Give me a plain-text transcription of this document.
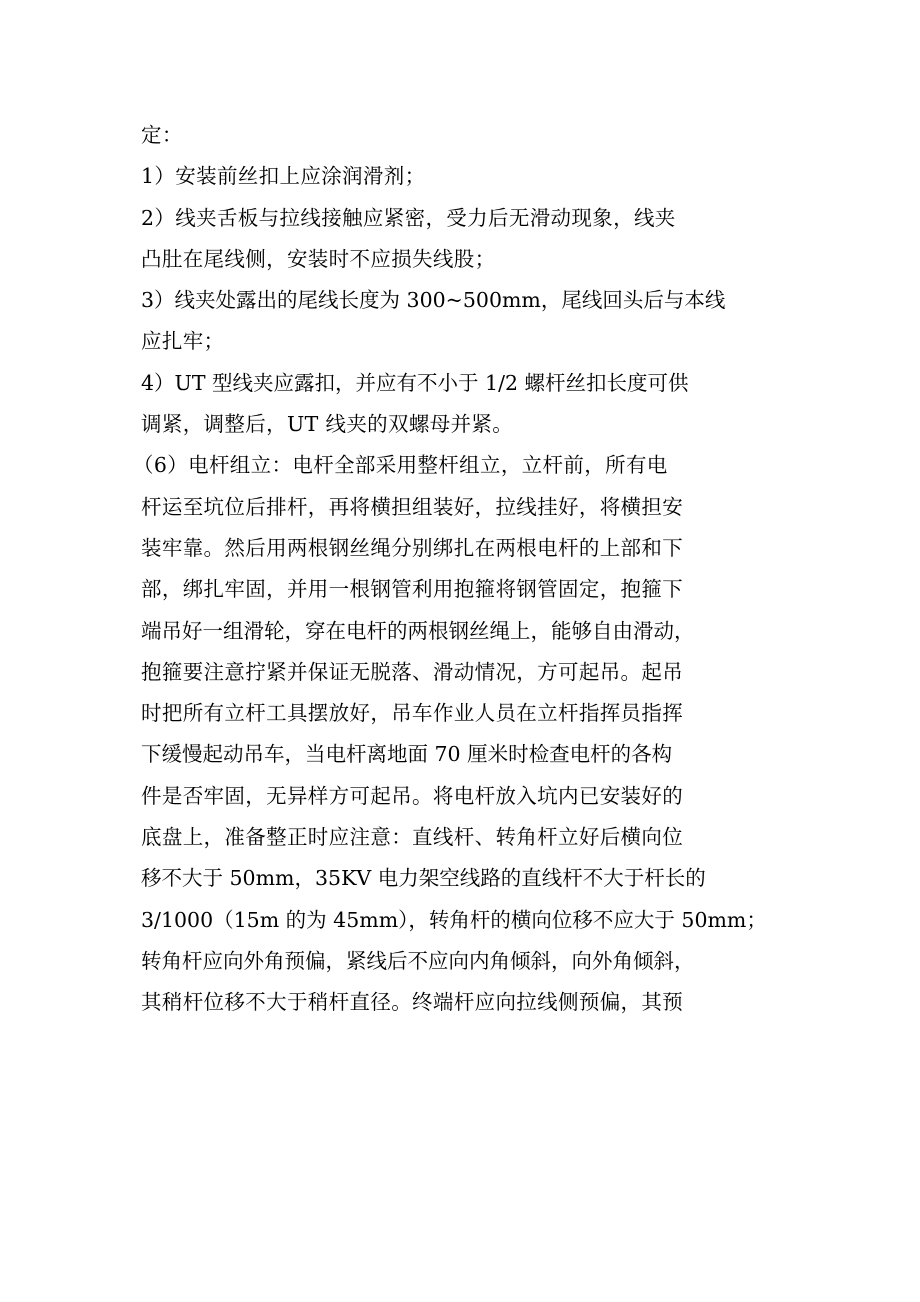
定：
1）安装前丝扣上应涂润滑剂；
2）线夹舌板与拉线接触应紧密，受力后无滑动现象，线夹
凸肚在尾线侧，安装时不应损失线股；
3）线夹处露出的尾线长度为 300~500mm，尾线回头后与本线
应扎牢；
4）UT 型线夹应露扣，并应有不小于 1/2 螺杆丝扣长度可供
调紧，调整后，UT 线夹的双螺母并紧。
（6）电杆组立：电杆全部采用整杆组立，立杆前，所有电
杆运至坑位后排杆，再将横担组装好，拉线挂好，将横担安
装牢靠。然后用两根钢丝绳分别绑扎在两根电杆的上部和下
部，绑扎牢固，并用一根钢管利用抱箍将钢管固定，抱箍下
端吊好一组滑轮，穿在电杆的两根钢丝绳上，能够自由滑动，
抱箍要注意拧紧并保证无脱落、滑动情况，方可起吊。起吊
时把所有立杆工具摆放好，吊车作业人员在立杆指挥员指挥
下缓慢起动吊车，当电杆离地面 70 厘米时检查电杆的各构
件是否牢固，无异样方可起吊。将电杆放入坑内已安装好的
底盘上，准备整正时应注意：直线杆、转角杆立好后横向位
移不大于 50mm，35KV 电力架空线路的直线杆不大于杆长的
3/1000（15m 的为 45mm），转角杆的横向位移不应大于 50mm；
转角杆应向外角预偏，紧线后不应向内角倾斜，向外角倾斜，
其稍杆位移不大于稍杆直径。终端杆应向拉线侧预偏，其预
